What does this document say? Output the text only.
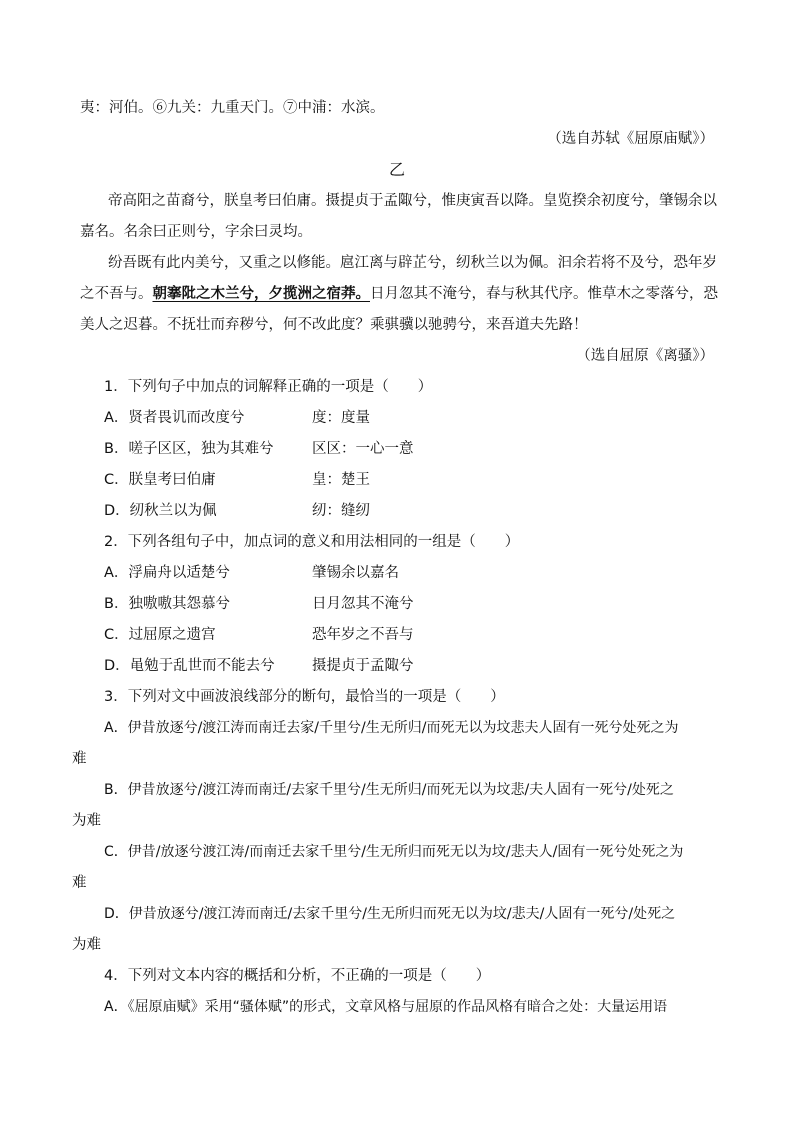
夷：河伯。⑥九关：九重天门。⑦中浦：水滨。
（选自苏轼《屈原庙赋》）
乙
帝高阳之苗裔兮，朕皇考曰伯庸。摄提贞于孟陬兮，惟庚寅吾以降。皇览揆余初度兮，肇锡余以
嘉名。名余曰正则兮，字余曰灵均。
纷吾既有此内美兮，又重之以修能。扈江离与辟芷兮，纫秋兰以为佩。汩余若将不及兮，恐年岁
之不吾与。朝搴阰之木兰兮，夕揽洲之宿莽。日月忽其不淹兮，春与秋其代序。惟草木之零落兮，恐
美人之迟暮。不抚壮而弃秽兮，何不改此度？乘骐骥以驰骋兮，来吾道夫先路！
（选自屈原《离骚》）
1．下列句子中加点的词解释正确的一项是（　　）
A．贤者畏讥而改度兮	度：度量
B．嗟子区区，独为其难兮	区区：一心一意
C．朕皇考曰伯庸	皇：楚王
D．纫秋兰以为佩	纫：缝纫
2．下列各组句子中，加点词的意义和用法相同的一组是（　　）
A．浮扁舟以适楚兮	肇锡余以嘉名
B．独嗷嗷其怨慕兮	日月忽其不淹兮
C．过屈原之遗宫	恐年岁之不吾与
D．黾勉于乱世而不能去兮	摄提贞于孟陬兮
3．下列对文中画波浪线部分的断句，最恰当的一项是（　　）
A．伊昔放逐兮/渡江涛而南迁去家/千里兮/生无所归/而死无以为坟悲夫人固有一死兮处死之为
难
B．伊昔放逐兮/渡江涛而南迁/去家千里兮/生无所归/而死无以为坟悲/夫人固有一死兮/处死之
为难
C．伊昔/放逐兮渡江涛/而南迁去家千里兮/生无所归而死无以为坟/悲夫人/固有一死兮处死之为
难
D．伊昔放逐兮/渡江涛而南迁/去家千里兮/生无所归而死无以为坟/悲夫/人固有一死兮/处死之
为难
4．下列对文本内容的概括和分析，不正确的一项是（　　）
A．《屈原庙赋》采用“骚体赋”的形式，文章风格与屈原的作品风格有暗合之处：大量运用语
